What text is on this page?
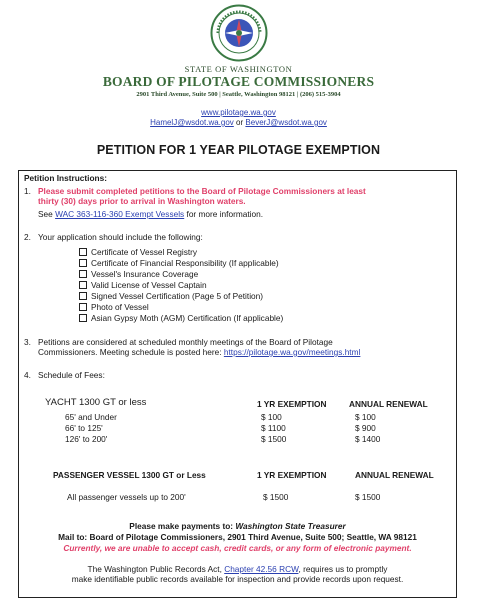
STATE OF WASHINGTON
BOARD OF PILOTAGE COMMISSIONERS
2901 Third Avenue, Suite 500 | Seattle, Washington 98121 | (206) 515-3904
www.pilotage.wa.gov
HamelJ@wsdot.wa.gov or BeverJ@wsdot.wa.gov
PETITION FOR 1 YEAR PILOTAGE EXEMPTION
Petition Instructions:
1. Please submit completed petitions to the Board of Pilotage Commissioners at least
thirty (30) days prior to arrival in Washington waters.
See WAC 363-116-360 Exempt Vessels for more information.
2. Your application should include the following:
Certificate of Vessel Registry
Certificate of Financial Responsibility (If applicable)
Vessel's Insurance Coverage
Valid License of Vessel Captain
Signed Vessel Certification (Page 5 of Petition)
Photo of Vessel
Asian Gypsy Moth (AGM) Certification (If applicable)
3. Petitions are considered at scheduled monthly meetings of the Board of Pilotage
Commissioners. Meeting schedule is posted here: https://pilotage.wa.gov/meetings.html
4. Schedule of Fees:
YACHT 1300 GT or less	1 YR EXEMPTION	ANNUAL RENEWAL
65' and Under	$ 100	$ 100
66' to 125'	$ 1100	$ 900
126' to 200'	$ 1500	$ 1400
PASSENGER VESSEL 1300 GT or Less	1 YR EXEMPTION	ANNUAL RENEWAL
All passenger vessels up to 200'	$ 1500	$ 1500
Please make payments to: Washington State Treasurer
Mail to: Board of Pilotage Commissioners, 2901 Third Avenue, Suite 500; Seattle, WA 98121
Currently, we are unable to accept cash, credit cards, or any form of electronic payment.
The Washington Public Records Act, Chapter 42.56 RCW, requires us to promptly
make identifiable public records available for inspection and provide records upon request.
